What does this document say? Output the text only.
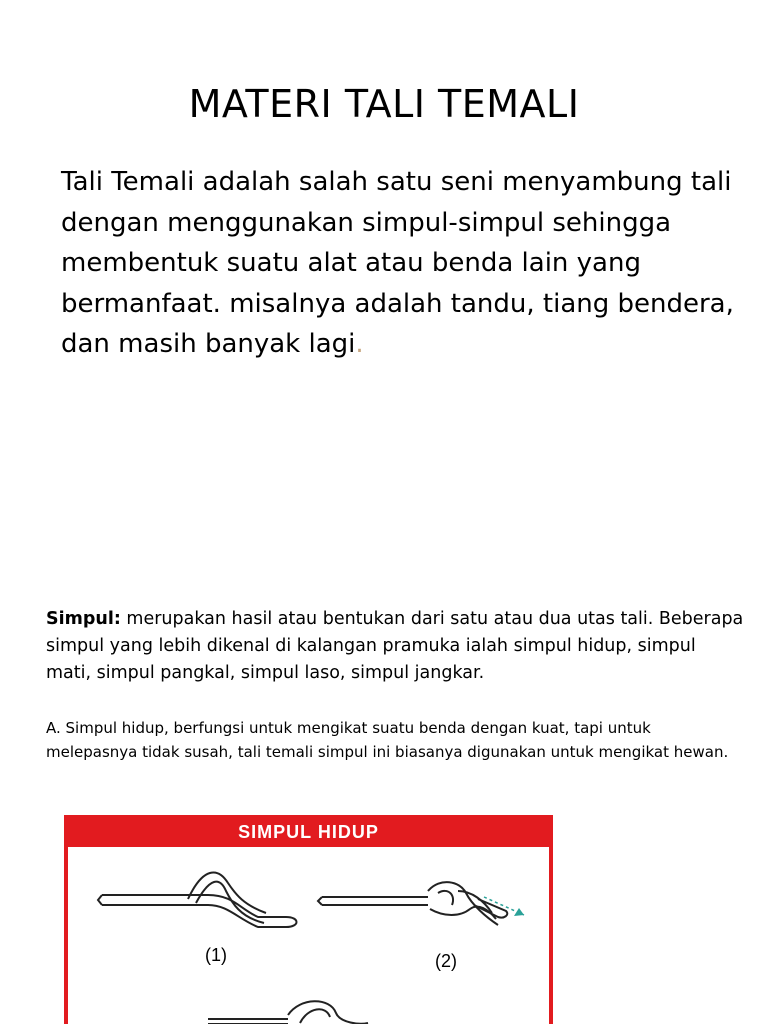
MATERI TALI TEMALI
Tali Temali adalah salah satu seni menyambung tali dengan menggunakan simpul-simpul sehingga membentuk suatu alat atau benda lain yang bermanfaat. misalnya adalah tandu, tiang bendera, dan masih banyak lagi.
Simpul: merupakan hasil atau bentukan dari satu atau dua utas tali. Beberapa simpul yang lebih dikenal di kalangan pramuka ialah simpul hidup, simpul mati, simpul pangkal, simpul laso, simpul jangkar.
A. Simpul hidup, berfungsi untuk mengikat suatu benda dengan kuat, tapi untuk melepasnya tidak susah, tali temali simpul ini biasanya digunakan untuk mengikat hewan.
SIMPUL HIDUP
(1)	(2)
